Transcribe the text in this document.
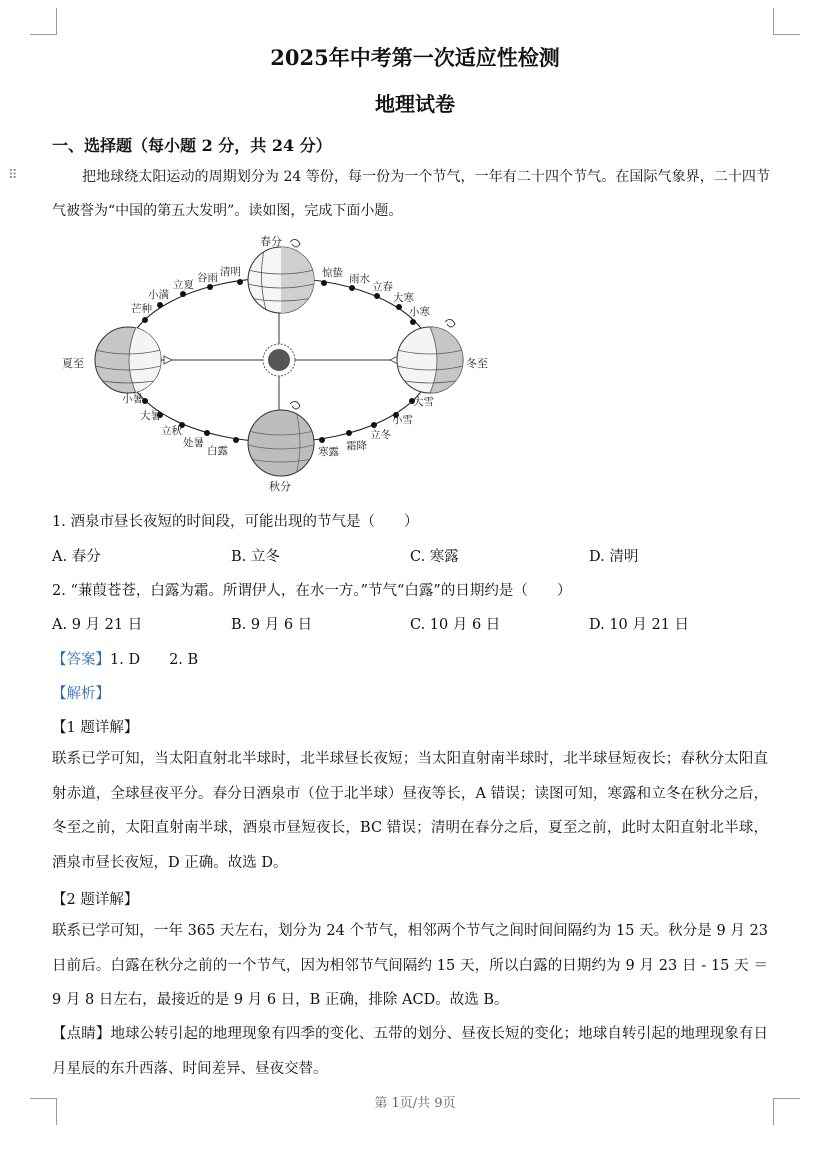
⠿
2025年中考第一次适应性检测
地理试卷
一、选择题（每小题 2 分，共 24 分）
把地球绕太阳运动的周期划分为 24 等份，每一份为一个节气，一年有二十四个节气。在国际气象界，二十四节气被誉为“中国的第五大发明”。读如图，完成下面小题。
春分
秋分
夏至	冬至
清明
谷雨
立夏
小满
芒种
惊蛰 雨水
立春
大寒
小寒
小暑
大暑
立秋
处暑
白露
大雪
小雪
立冬
霜降
寒露
1. 酒泉市昼长夜短的时间段，可能出现的节气是（　　）
A. 春分	B. 立冬	C. 寒露	D. 清明
2. “蒹葭苍苍，白露为霜。所谓伊人，在水一方。”节气“白露”的日期约是（　　）
A. 9 月 21 日	B. 9 月 6 日	C. 10 月 6 日	D. 10 月 21 日
【答案】1. D　　2. B
【解析】
【1 题详解】
联系已学可知，当太阳直射北半球时，北半球昼长夜短；当太阳直射南半球时，北半球昼短夜长；春秋分太阳直射赤道，全球昼夜平分。春分日酒泉市（位于北半球）昼夜等长，A 错误；读图可知，寒露和立冬在秋分之后，冬至之前，太阳直射南半球，酒泉市昼短夜长，BC 错误；清明在春分之后，夏至之前，此时太阳直射北半球，酒泉市昼长夜短，D 正确。故选 D。
【2 题详解】
联系已学可知，一年 365 天左右，划分为 24 个节气，相邻两个节气之间时间间隔约为 15 天。秋分是 9 月 23 日前后。白露在秋分之前的一个节气，因为相邻节气间隔约 15 天，所以白露的日期约为 9 月 23 日 - 15 天 ＝9 月 8 日左右，最接近的是 9 月 6 日，B 正确，排除 ACD。故选 B。
【点睛】地球公转引起的地理现象有四季的变化、五带的划分、昼夜长短的变化；地球自转引起的地理现象有日月星辰的东升西落、时间差异、昼夜交替。
第 1页/共 9页
